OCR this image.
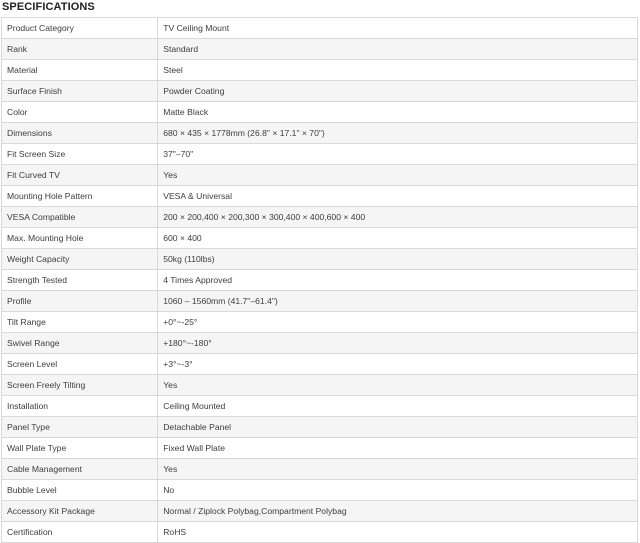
SPECIFICATIONS
Product Category	TV Ceiling Mount
Rank	Standard
Material	Steel
Surface Finish	Powder Coating
Color	Matte Black
Dimensions	680 × 435 × 1778mm (26.8" × 17.1" × 70")
Fit Screen Size	37"–70"
Fit Curved TV	Yes
Mounting Hole Pattern	VESA & Universal
VESA Compatible	200 × 200,400 × 200,300 × 300,400 × 400,600 × 400
Max. Mounting Hole	600 × 400
Weight Capacity	50kg (110lbs)
Strength Tested	4 Times Approved
Profile	1060 – 1560mm (41.7"–61.4")
Tilt Range	+0°~-25°
Swivel Range	+180°~-180°
Screen Level	+3°~-3°
Screen Freely Tilting	Yes
Installation	Ceiling Mounted
Panel Type	Detachable Panel
Wall Plate Type	Fixed Wall Plate
Cable Management	Yes
Bubble Level	No
Accessory Kit Package	Normal / Ziplock Polybag,Compartment Polybag
Certification	RoHS
